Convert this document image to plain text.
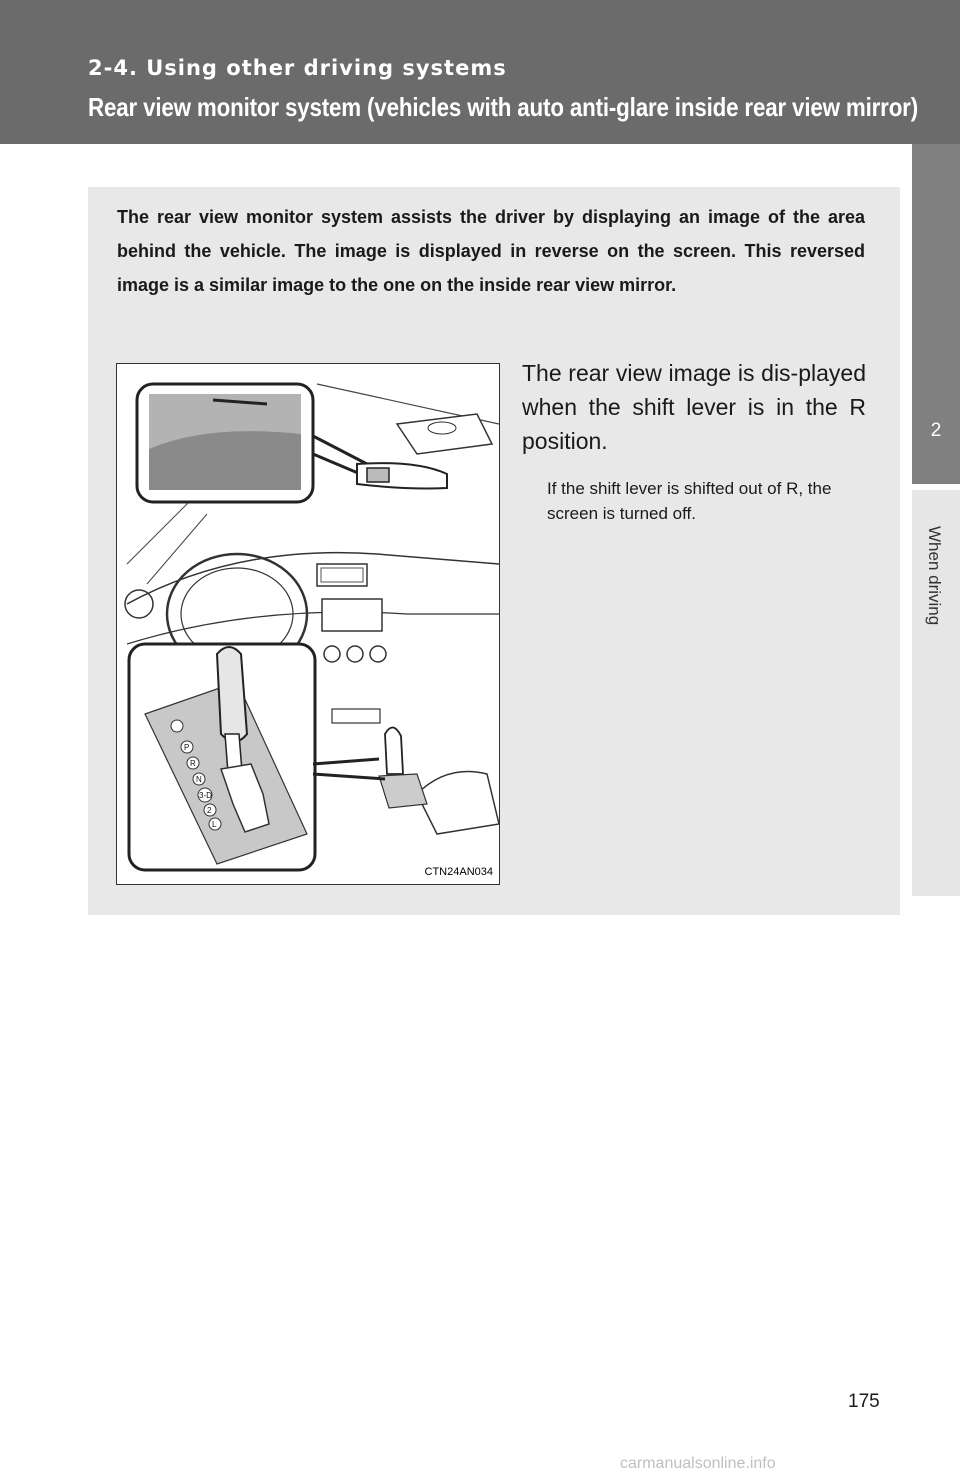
2-4. Using other driving systems
Rear view monitor system (vehicles with auto anti-glare inside rear view mirror)
2
When driving
The rear view monitor system assists the driver by displaying an image of the area behind the vehicle. The image is displayed in reverse on the screen. This reversed image is a similar image to the one on the inside rear view mirror.
P
R
N
3-D
2
L
CTN24AN034
The rear view image is dis-played when the shift lever is in the R position.
If the shift lever is shifted out of R, the screen is turned off.
175
carmanualsonline.info
